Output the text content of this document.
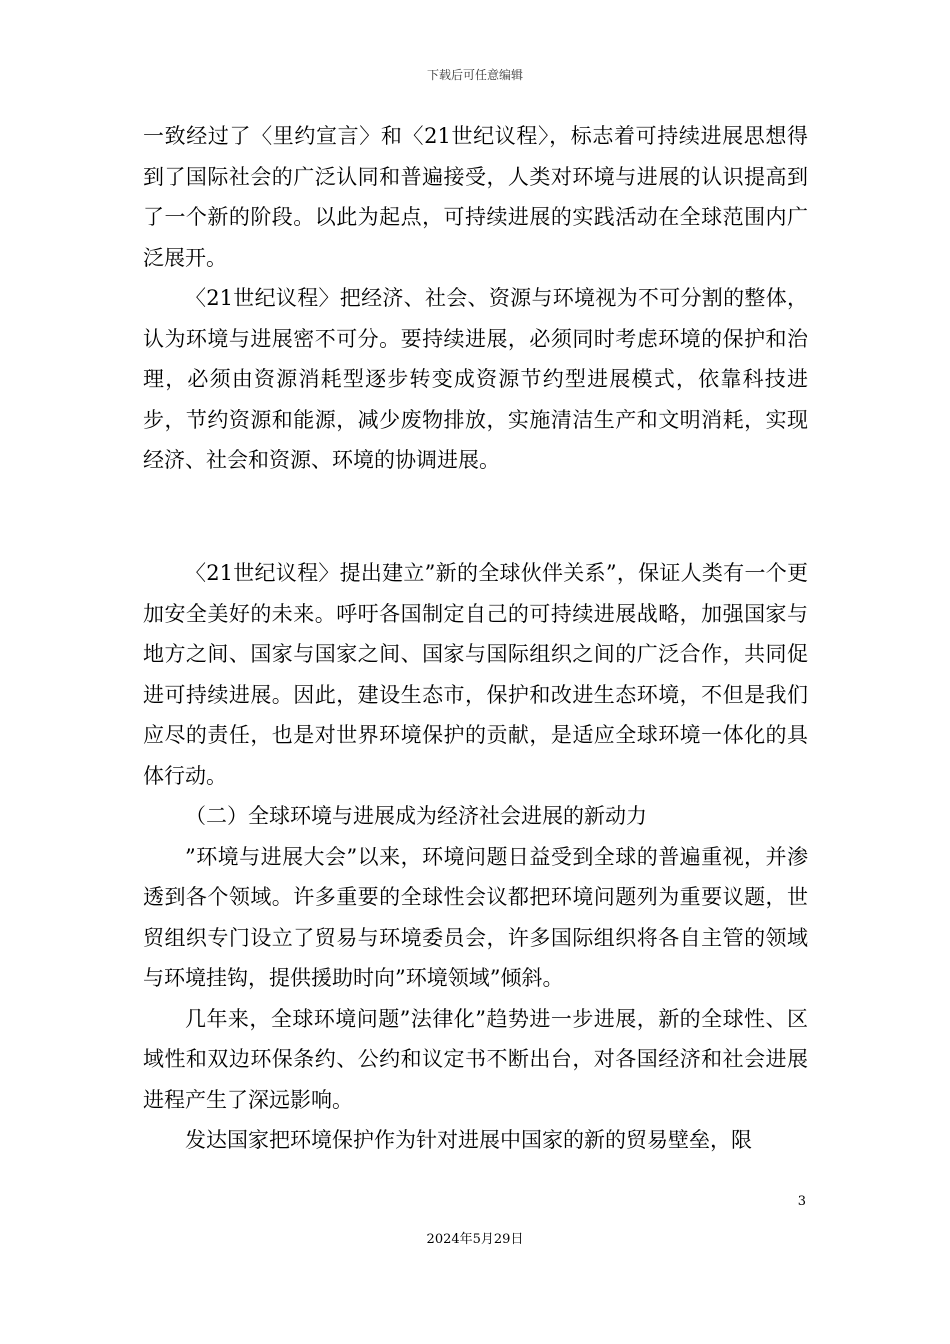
下载后可任意编辑

一致经过了〈里约宣言〉和〈21世纪议程〉，标志着可持续进展思想得到了国际社会的广泛认同和普遍接受，人类对环境与进展的认识提高到了一个新的阶段。以此为起点，可持续进展的实践活动在全球范围内广泛展开。

〈21世纪议程〉把经济、社会、资源与环境视为不可分割的整体，认为环境与进展密不可分。要持续进展，必须同时考虑环境的保护和治理，必须由资源消耗型逐步转变成资源节约型进展模式，依靠科技进步，节约资源和能源，减少废物排放，实施清洁生产和文明消耗，实现经济、社会和资源、环境的协调进展。

〈21世纪议程〉提出建立”新的全球伙伴关系”，保证人类有一个更加安全美好的未来。呼吁各国制定自己的可持续进展战略，加强国家与地方之间、国家与国家之间、国家与国际组织之间的广泛合作，共同促进可持续进展。因此，建设生态市，保护和改进生态环境，不但是我们应尽的责任，也是对世界环境保护的贡献，是适应全球环境一体化的具体行动。

（二）全球环境与进展成为经济社会进展的新动力

”环境与进展大会”以来，环境问题日益受到全球的普遍重视，并渗透到各个领域。许多重要的全球性会议都把环境问题列为重要议题，世贸组织专门设立了贸易与环境委员会，许多国际组织将各自主管的领域与环境挂钩，提供援助时向”环境领域”倾斜。

几年来，全球环境问题”法律化”趋势进一步进展，新的全球性、区域性和双边环保条约、公约和议定书不断出台，对各国经济和社会进展进程产生了深远影响。

发达国家把环境保护作为针对进展中国家的新的贸易壁垒，限

3
2024年5月29日
